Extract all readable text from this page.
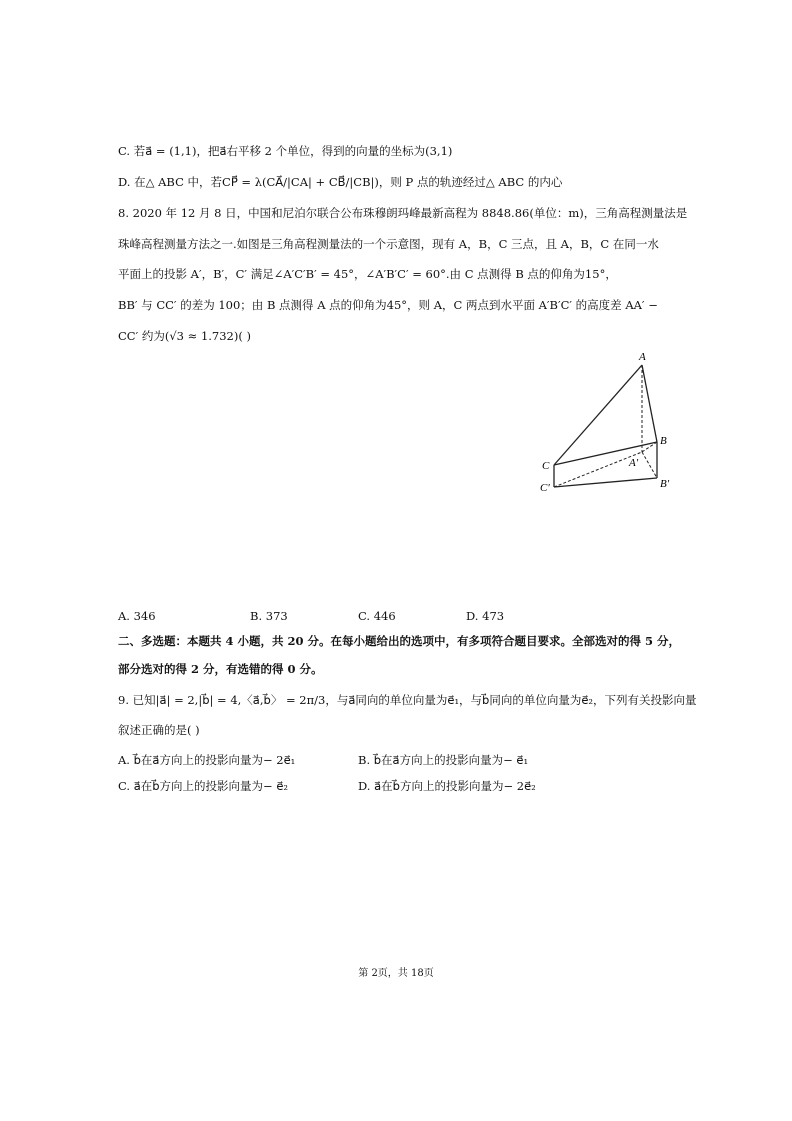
C. 若a⃗ = (1,1)，把a⃗右平移 2 个单位，得到的向量的坐标为(3,1)
D. 在△ ABC 中，若CP⃗ = λ(CA⃗/|CA| + CB⃗/|CB|)，则 P 点的轨迹经过△ ABC 的内心
8. 2020 年 12 月 8 日，中国和尼泊尔联合公布珠穆朗玛峰最新高程为 8848.86(单位：m)，三角高程测量法是
珠峰高程测量方法之一.如图是三角高程测量法的一个示意图，现有 A，B，C 三点，且 A，B，C 在同一水
平面上的投影 A′，B′，C′ 满足∠A′C′B′ = 45°，∠A′B′C′ = 60°.由 C 点测得 B 点的仰角为15°，
BB′ 与 CC′ 的差为 100；由 B 点测得 A 点的仰角为45°，则 A，C 两点到水平面 A′B′C′ 的高度差 AA′ −
CC′ 约为(√3 ≈ 1.732)( )
A
B
C	A′
B′
C′
A. 346	B. 373	C. 446	D. 473
二、多选题：本题共 4 小题，共 20 分。在每小题给出的选项中，有多项符合题目要求。全部选对的得 5 分，
部分选对的得 2 分，有选错的得 0 分。
9. 已知|a⃗| = 2,|b⃗| = 4,〈a⃗,b⃗〉 = 2π/3，与a⃗同向的单位向量为e⃗₁，与b⃗同向的单位向量为e⃗₂，下列有关投影向量
叙述正确的是( )
A. b⃗在a⃗方向上的投影向量为− 2e⃗₁	B. b⃗在a⃗方向上的投影向量为− e⃗₁
C. a⃗在b⃗方向上的投影向量为− e⃗₂	D. a⃗在b⃗方向上的投影向量为− 2e⃗₂
第 2页，共 18页
